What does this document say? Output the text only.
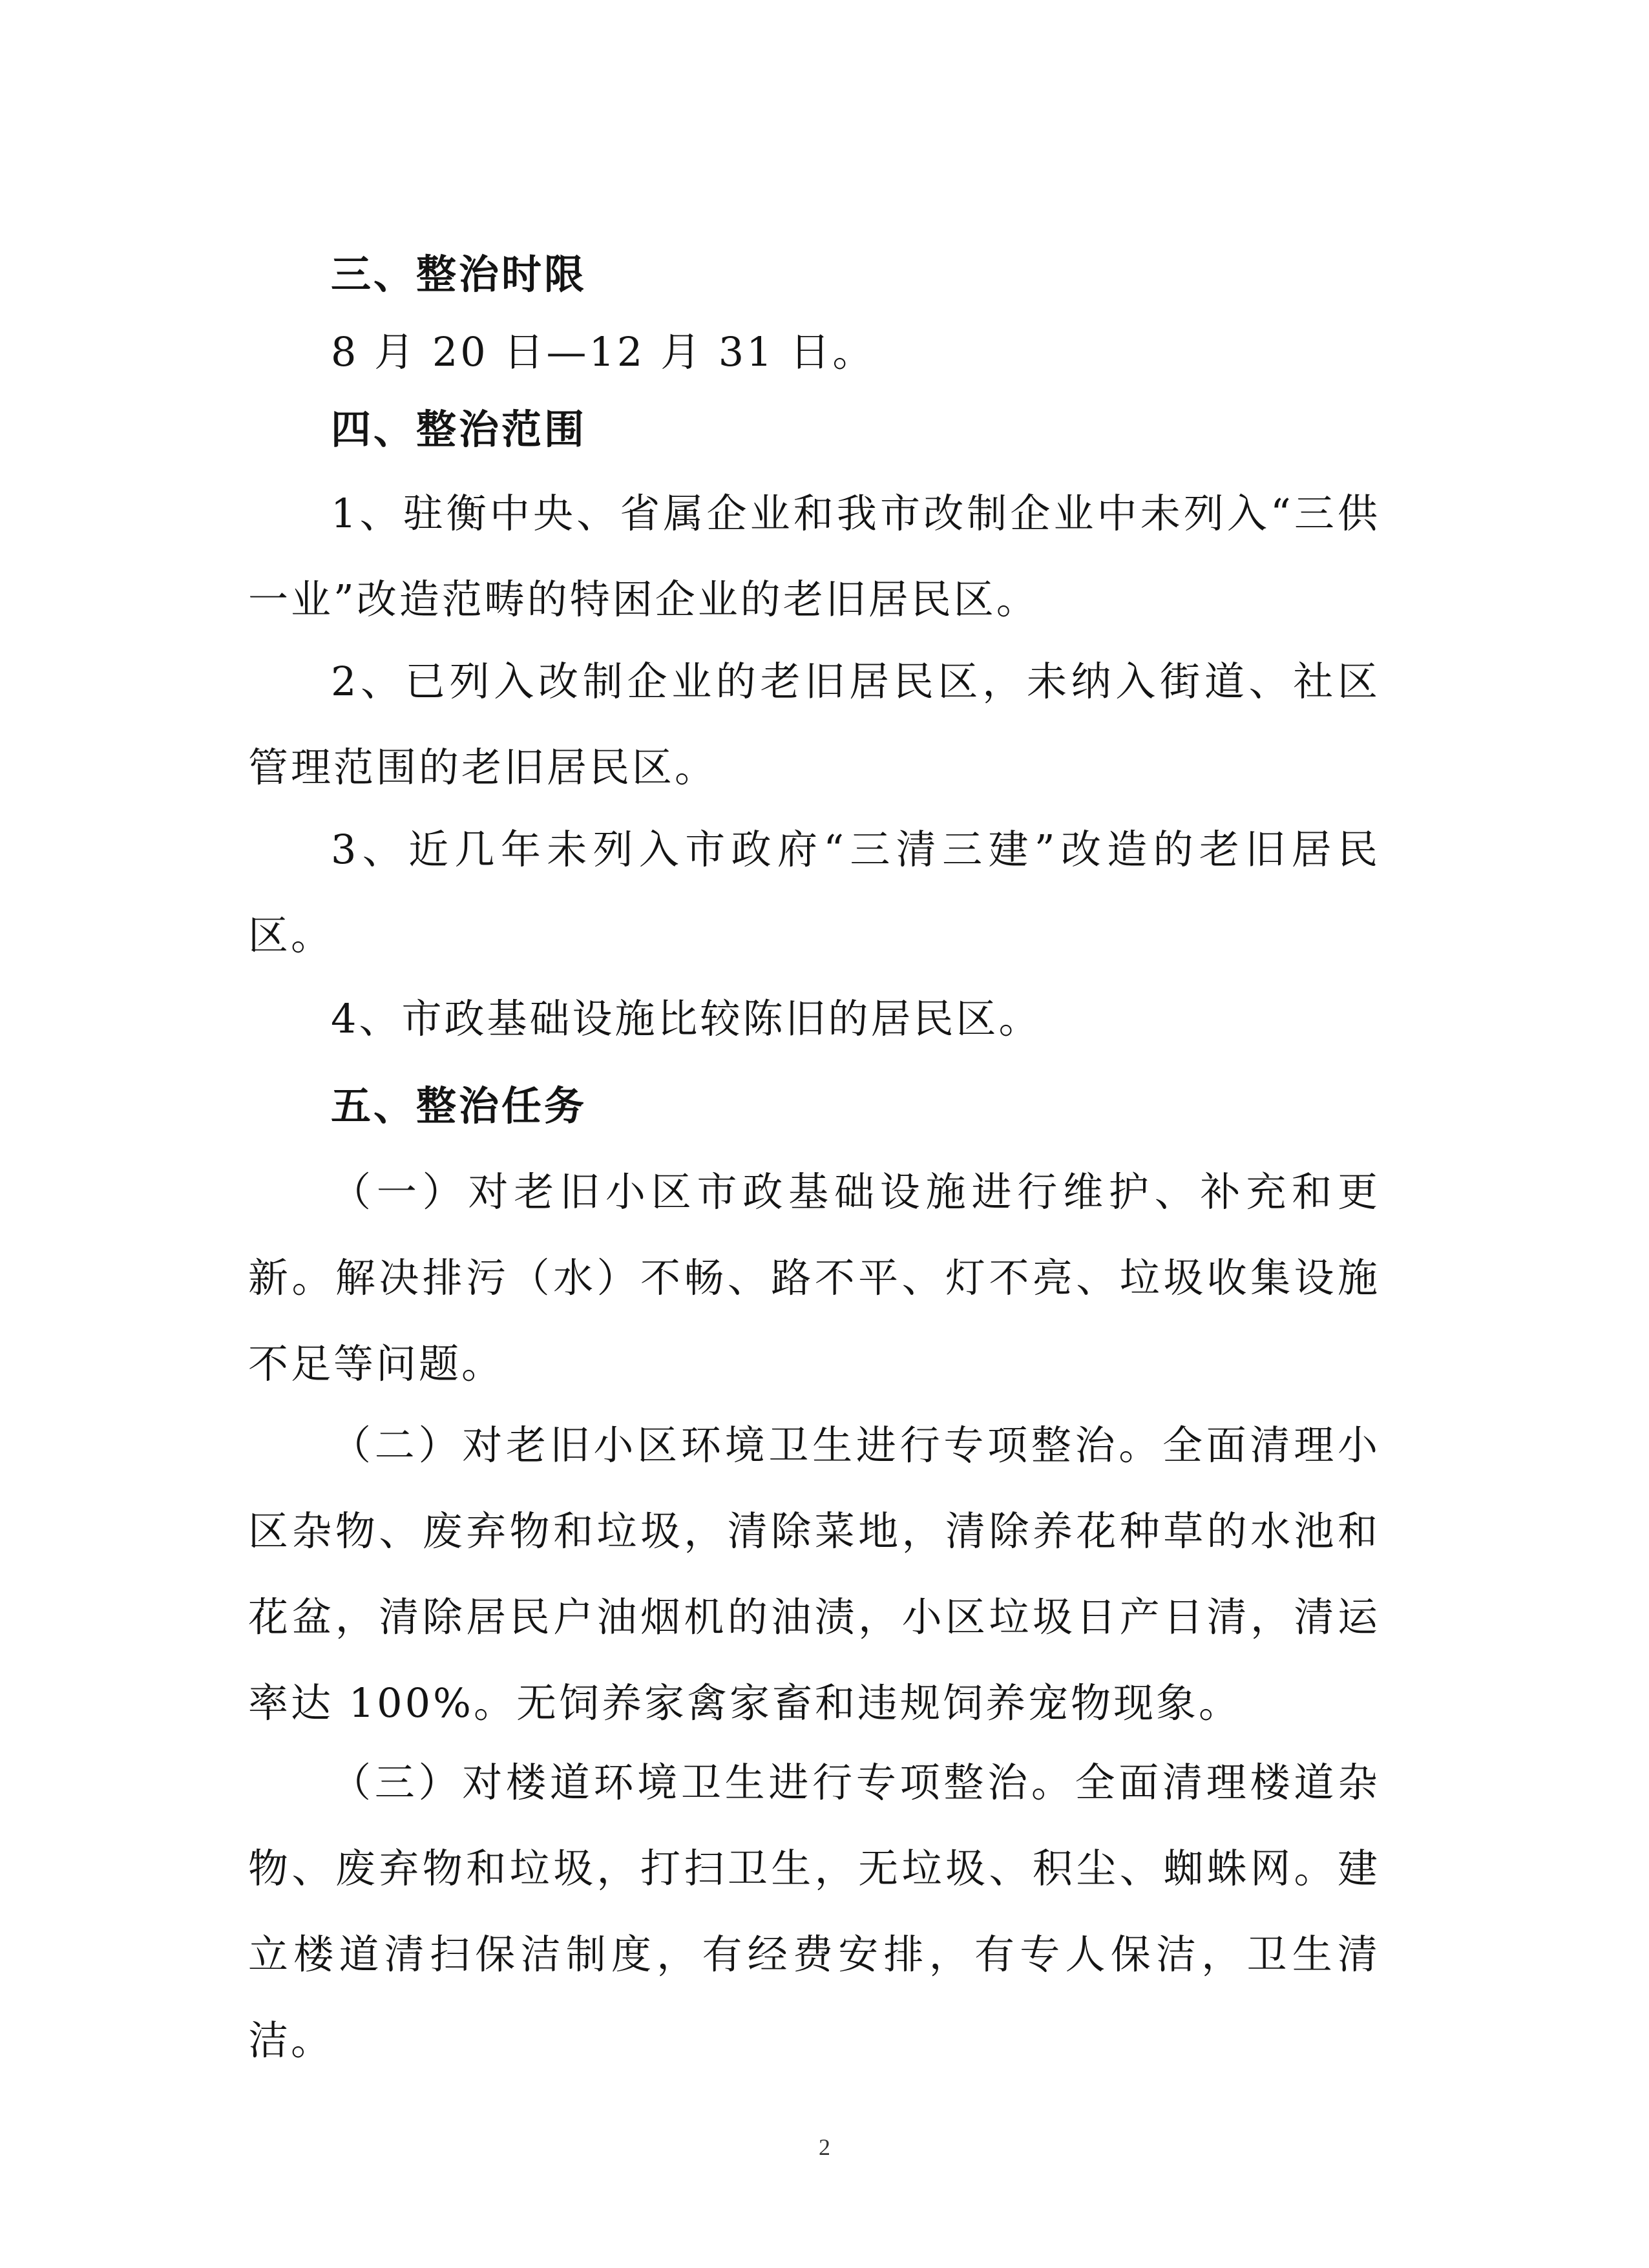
三、整治时限

8 月 20 日—12 月 31 日。

四、整治范围

1、驻衡中央、省属企业和我市改制企业中未列入“三供一业”改造范畴的特困企业的老旧居民区。

2、已列入改制企业的老旧居民区，未纳入街道、社区管理范围的老旧居民区。

3、近几年未列入市政府“三清三建”改造的老旧居民区。

4、市政基础设施比较陈旧的居民区。

五、整治任务

（一）对老旧小区市政基础设施进行维护、补充和更新。解决排污（水）不畅、路不平、灯不亮、垃圾收集设施不足等问题。

（二）对老旧小区环境卫生进行专项整治。全面清理小区杂物、废弃物和垃圾，清除菜地，清除养花种草的水池和花盆，清除居民户油烟机的油渍，小区垃圾日产日清，清运率达 100%。无饲养家禽家畜和违规饲养宠物现象。

（三）对楼道环境卫生进行专项整治。全面清理楼道杂物、废弃物和垃圾，打扫卫生，无垃圾、积尘、蜘蛛网。建立楼道清扫保洁制度，有经费安排，有专人保洁，卫生清洁。

2
